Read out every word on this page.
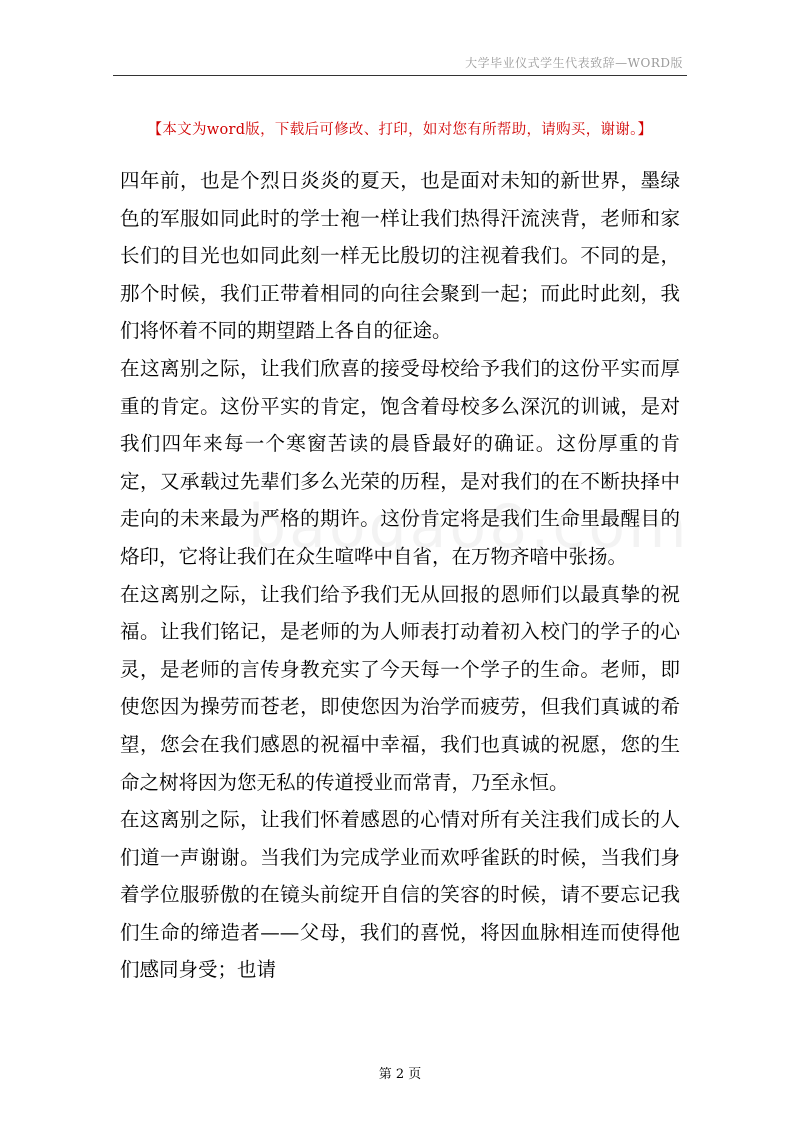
大学毕业仪式学生代表致辞—WORD版
【本文为word版，下载后可修改、打印，如对您有所帮助，请购买，谢谢。】

四年前，也是个烈日炎炎的夏天，也是面对未知的新世界，墨绿色的军服如同此时的学士袍一样让我们热得汗流浃背，老师和家长们的目光也如同此刻一样无比殷切的注视着我们。不同的是，那个时候，我们正带着相同的向往会聚到一起；而此时此刻，我们将怀着不同的期望踏上各自的征途。

在这离别之际，让我们欣喜的接受母校给予我们的这份平实而厚重的肯定。这份平实的肯定，饱含着母校多么深沉的训诫，是对我们四年来每一个寒窗苦读的晨昏最好的确证。这份厚重的肯定，又承载过先辈们多么光荣的历程，是对我们的在不断抉择中走向的未来最为严格的期许。这份肯定将是我们生命里最醒目的烙印，它将让我们在众生喧哗中自省，在万物齐喑中张扬。

在这离别之际，让我们给予我们无从回报的恩师们以最真挚的祝福。让我们铭记，是老师的为人师表打动着初入校门的学子的心灵，是老师的言传身教充实了今天每一个学子的生命。老师，即使您因为操劳而苍老，即使您因为治学而疲劳，但我们真诚的希望，您会在我们感恩的祝福中幸福，我们也真诚的祝愿，您的生命之树将因为您无私的传道授业而常青，乃至永恒。

在这离别之际，让我们怀着感恩的心情对所有关注我们成长的人们道一声谢谢。当我们为完成学业而欢呼雀跃的时候，当我们身着学位服骄傲的在镜头前绽开自信的笑容的时候，请不要忘记我们生命的缔造者——父母，我们的喜悦，将因血脉相连而使得他们感同身受；也请

第 2 页
